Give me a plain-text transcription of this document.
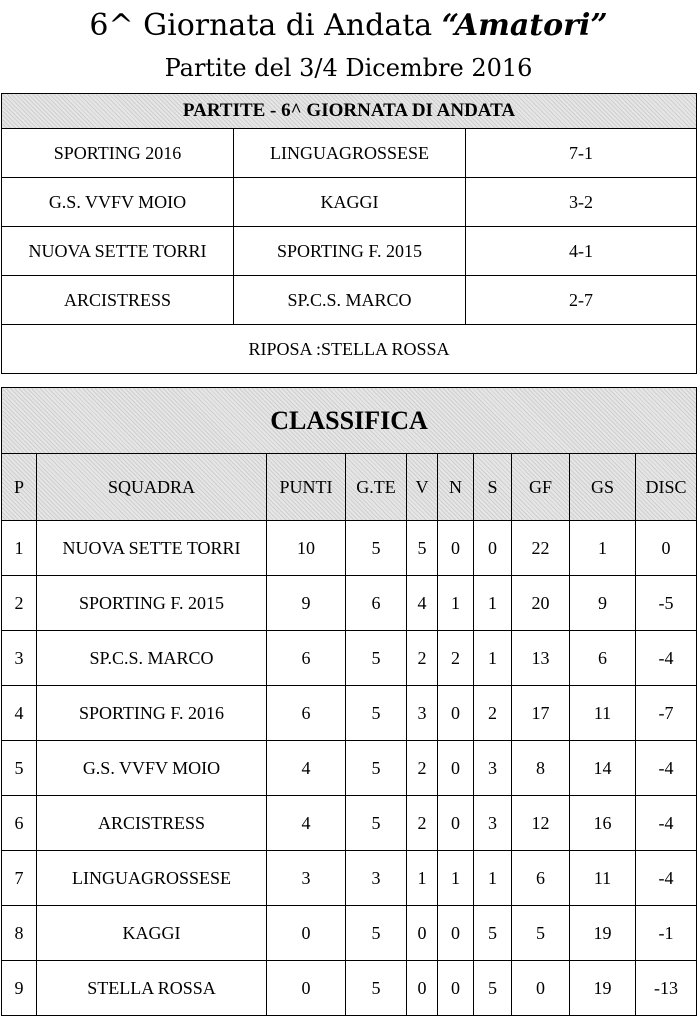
6^ Giornata di Andata “Amatori”
Partite del 3/4 Dicembre 2016
PARTITE - 6^ GIORNATA DI ANDATA		
SPORTING 2016	LINGUAGROSSESE	7-1
G.S. VVFV MOIO	KAGGI	3-2
NUOVA SETTE TORRI	SPORTING F. 2015	4-1
ARCISTRESS	SP.C.S. MARCO	2-7
RIPOSA :STELLA ROSSA		
CLASSIFICA									
P	SQUADRA	PUNTI	G.TE	V	N	S	GF	GS	DISC
1	NUOVA SETTE TORRI	10	5	5	0	0	22	1	0
2	SPORTING F. 2015	9	6	4	1	1	20	9	-5
3	SP.C.S. MARCO	6	5	2	2	1	13	6	-4
4	SPORTING F. 2016	6	5	3	0	2	17	11	-7
5	G.S. VVFV MOIO	4	5	2	0	3	8	14	-4
6	ARCISTRESS	4	5	2	0	3	12	16	-4
7	LINGUAGROSSESE	3	3	1	1	1	6	11	-4
8	KAGGI	0	5	0	0	5	5	19	-1
9	STELLA ROSSA	0	5	0	0	5	0	19	-13
